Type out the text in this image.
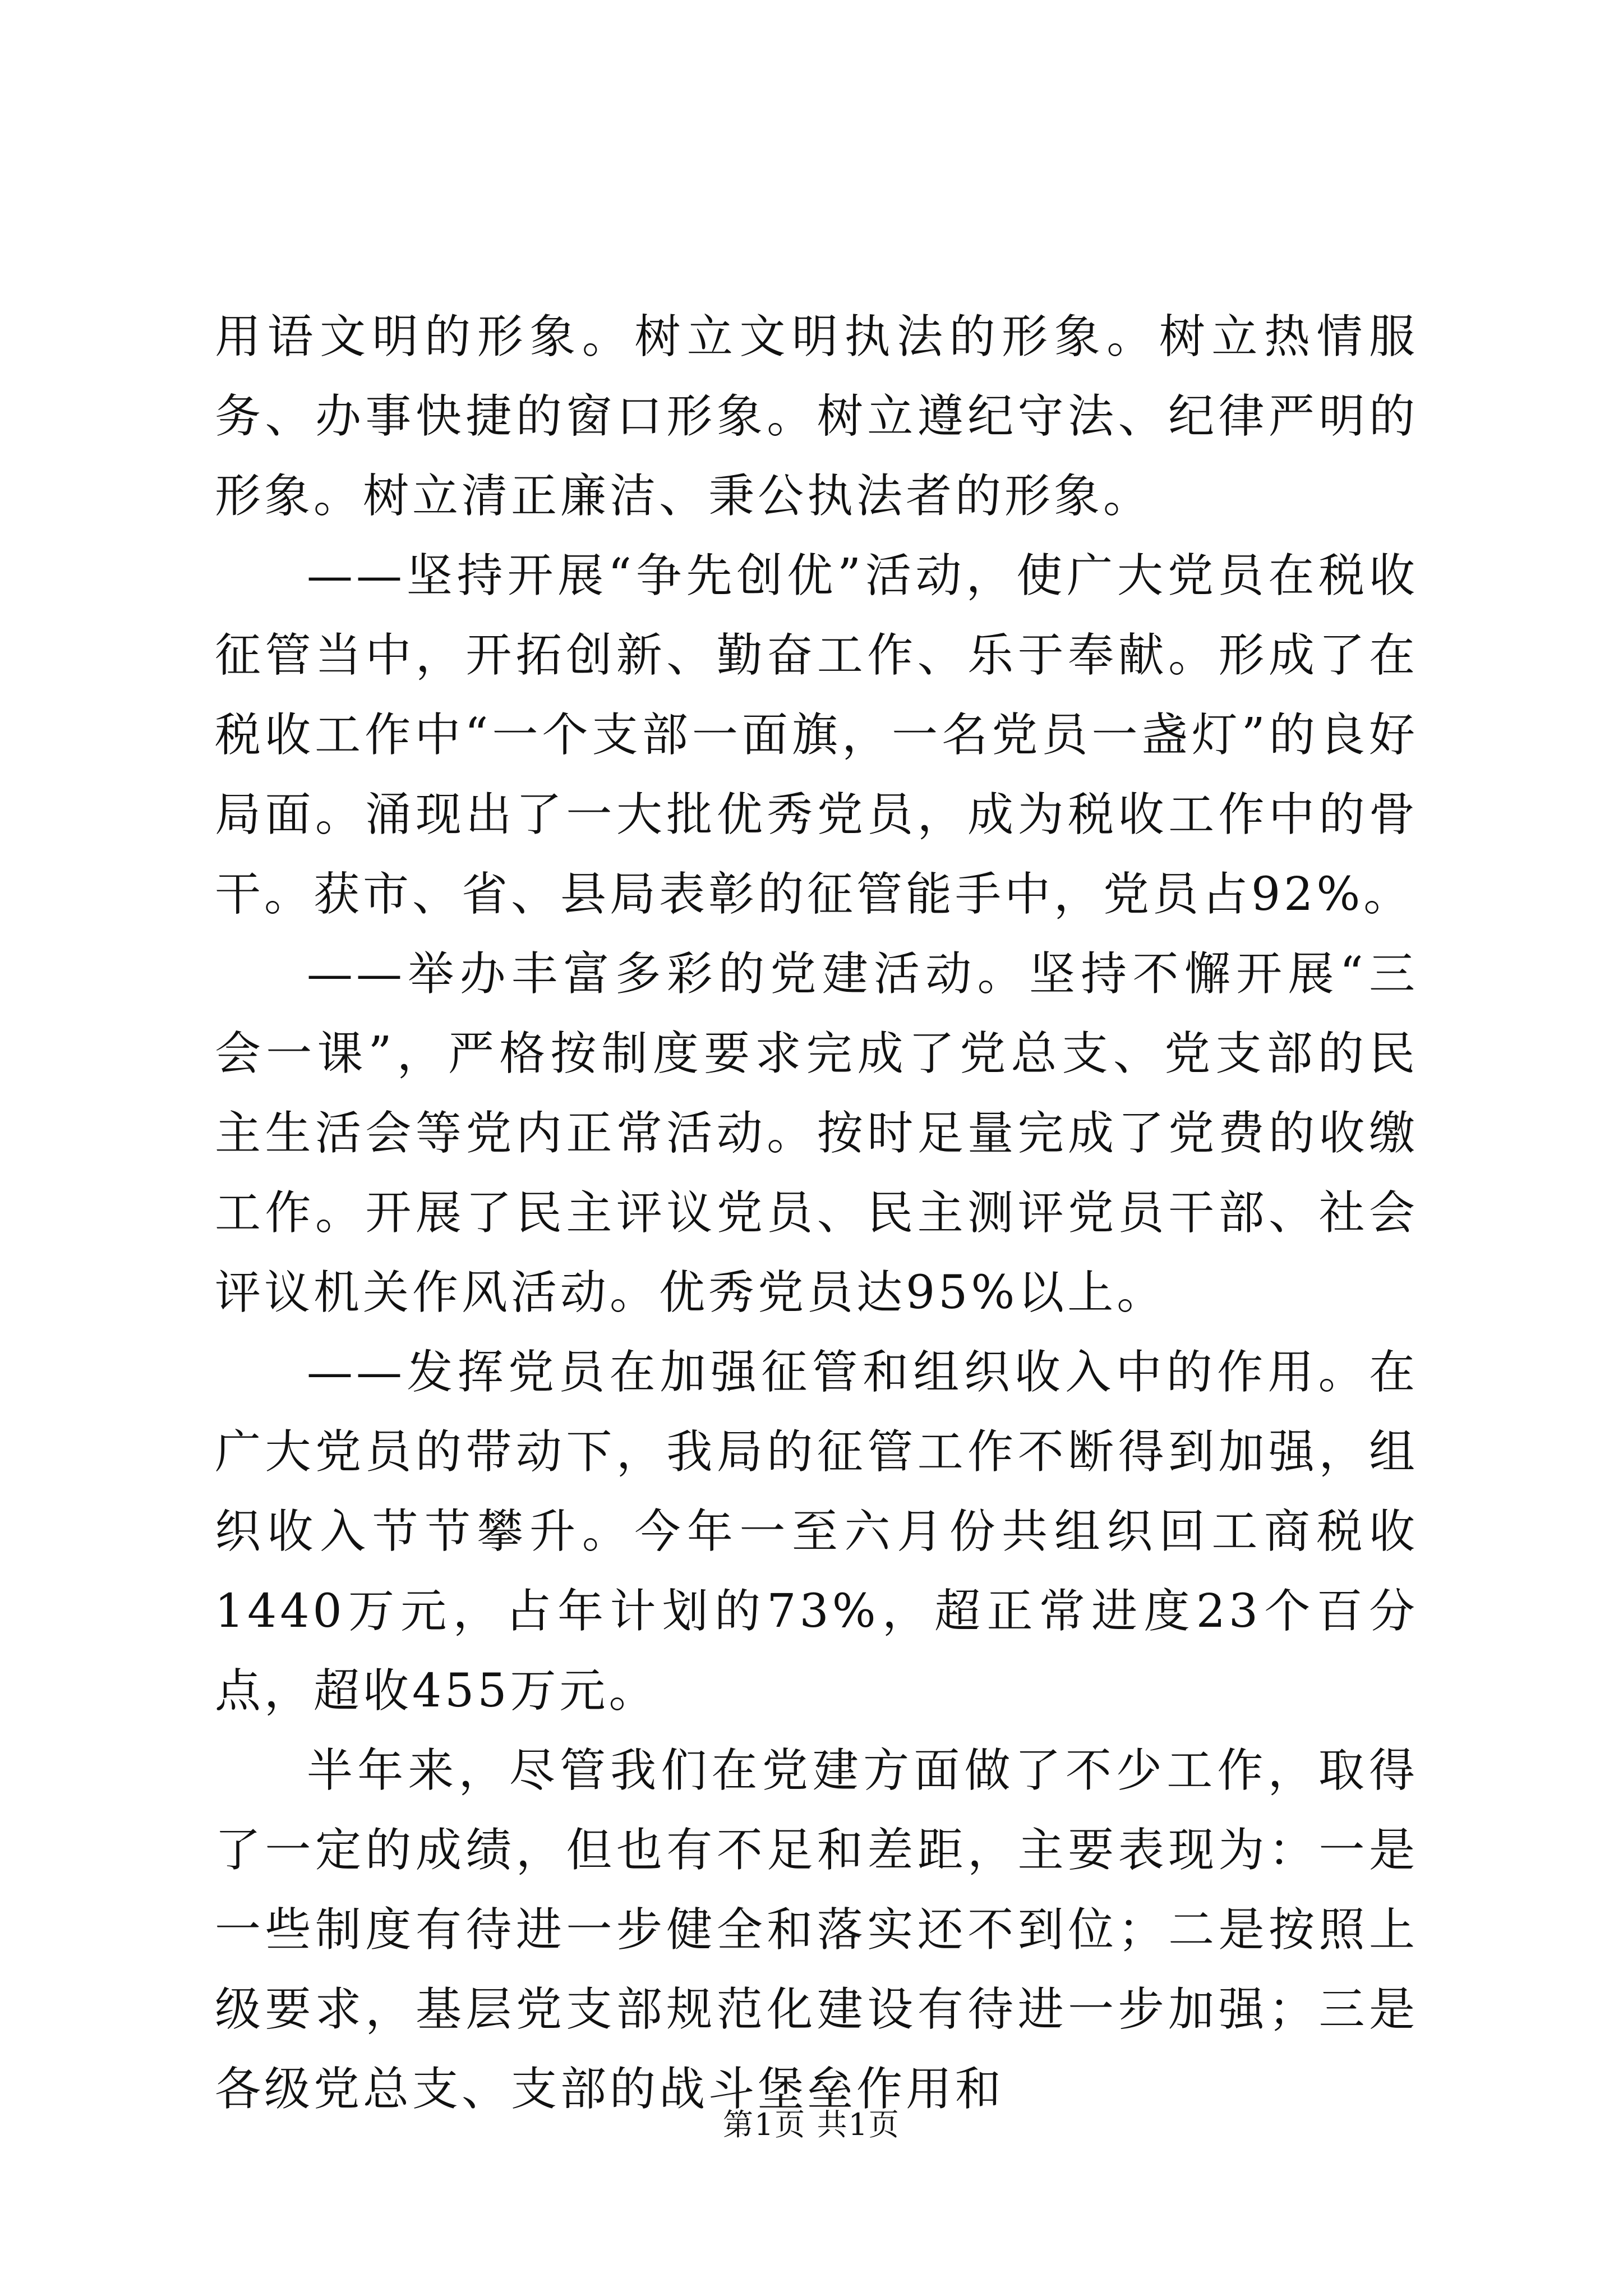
用语文明的形象。树立文明执法的形象。树立热情服务、办事快捷的窗口形象。树立遵纪守法、纪律严明的形象。树立清正廉洁、秉公执法者的形象。

——坚持开展“争先创优”活动，使广大党员在税收征管当中，开拓创新、勤奋工作、乐于奉献。形成了在税收工作中“一个支部一面旗，一名党员一盏灯”的良好局面。涌现出了一大批优秀党员，成为税收工作中的骨干。获市、省、县局表彰的征管能手中，党员占92%。

——举办丰富多彩的党建活动。坚持不懈开展“三会一课”，严格按制度要求完成了党总支、党支部的民主生活会等党内正常活动。按时足量完成了党费的收缴工作。开展了民主评议党员、民主测评党员干部、社会评议机关作风活动。优秀党员达95%以上。

——发挥党员在加强征管和组织收入中的作用。在广大党员的带动下，我局的征管工作不断得到加强，组织收入节节攀升。今年一至六月份共组织回工商税收1440万元，占年计划的73%，超正常进度23个百分点，超收455万元。

半年来，尽管我们在党建方面做了不少工作，取得了一定的成绩，但也有不足和差距，主要表现为：一是一些制度有待进一步健全和落实还不到位；二是按照上级要求，基层党支部规范化建设有待进一步加强；三是各级党总支、支部的战斗堡垒作用和

第1页 共1页
